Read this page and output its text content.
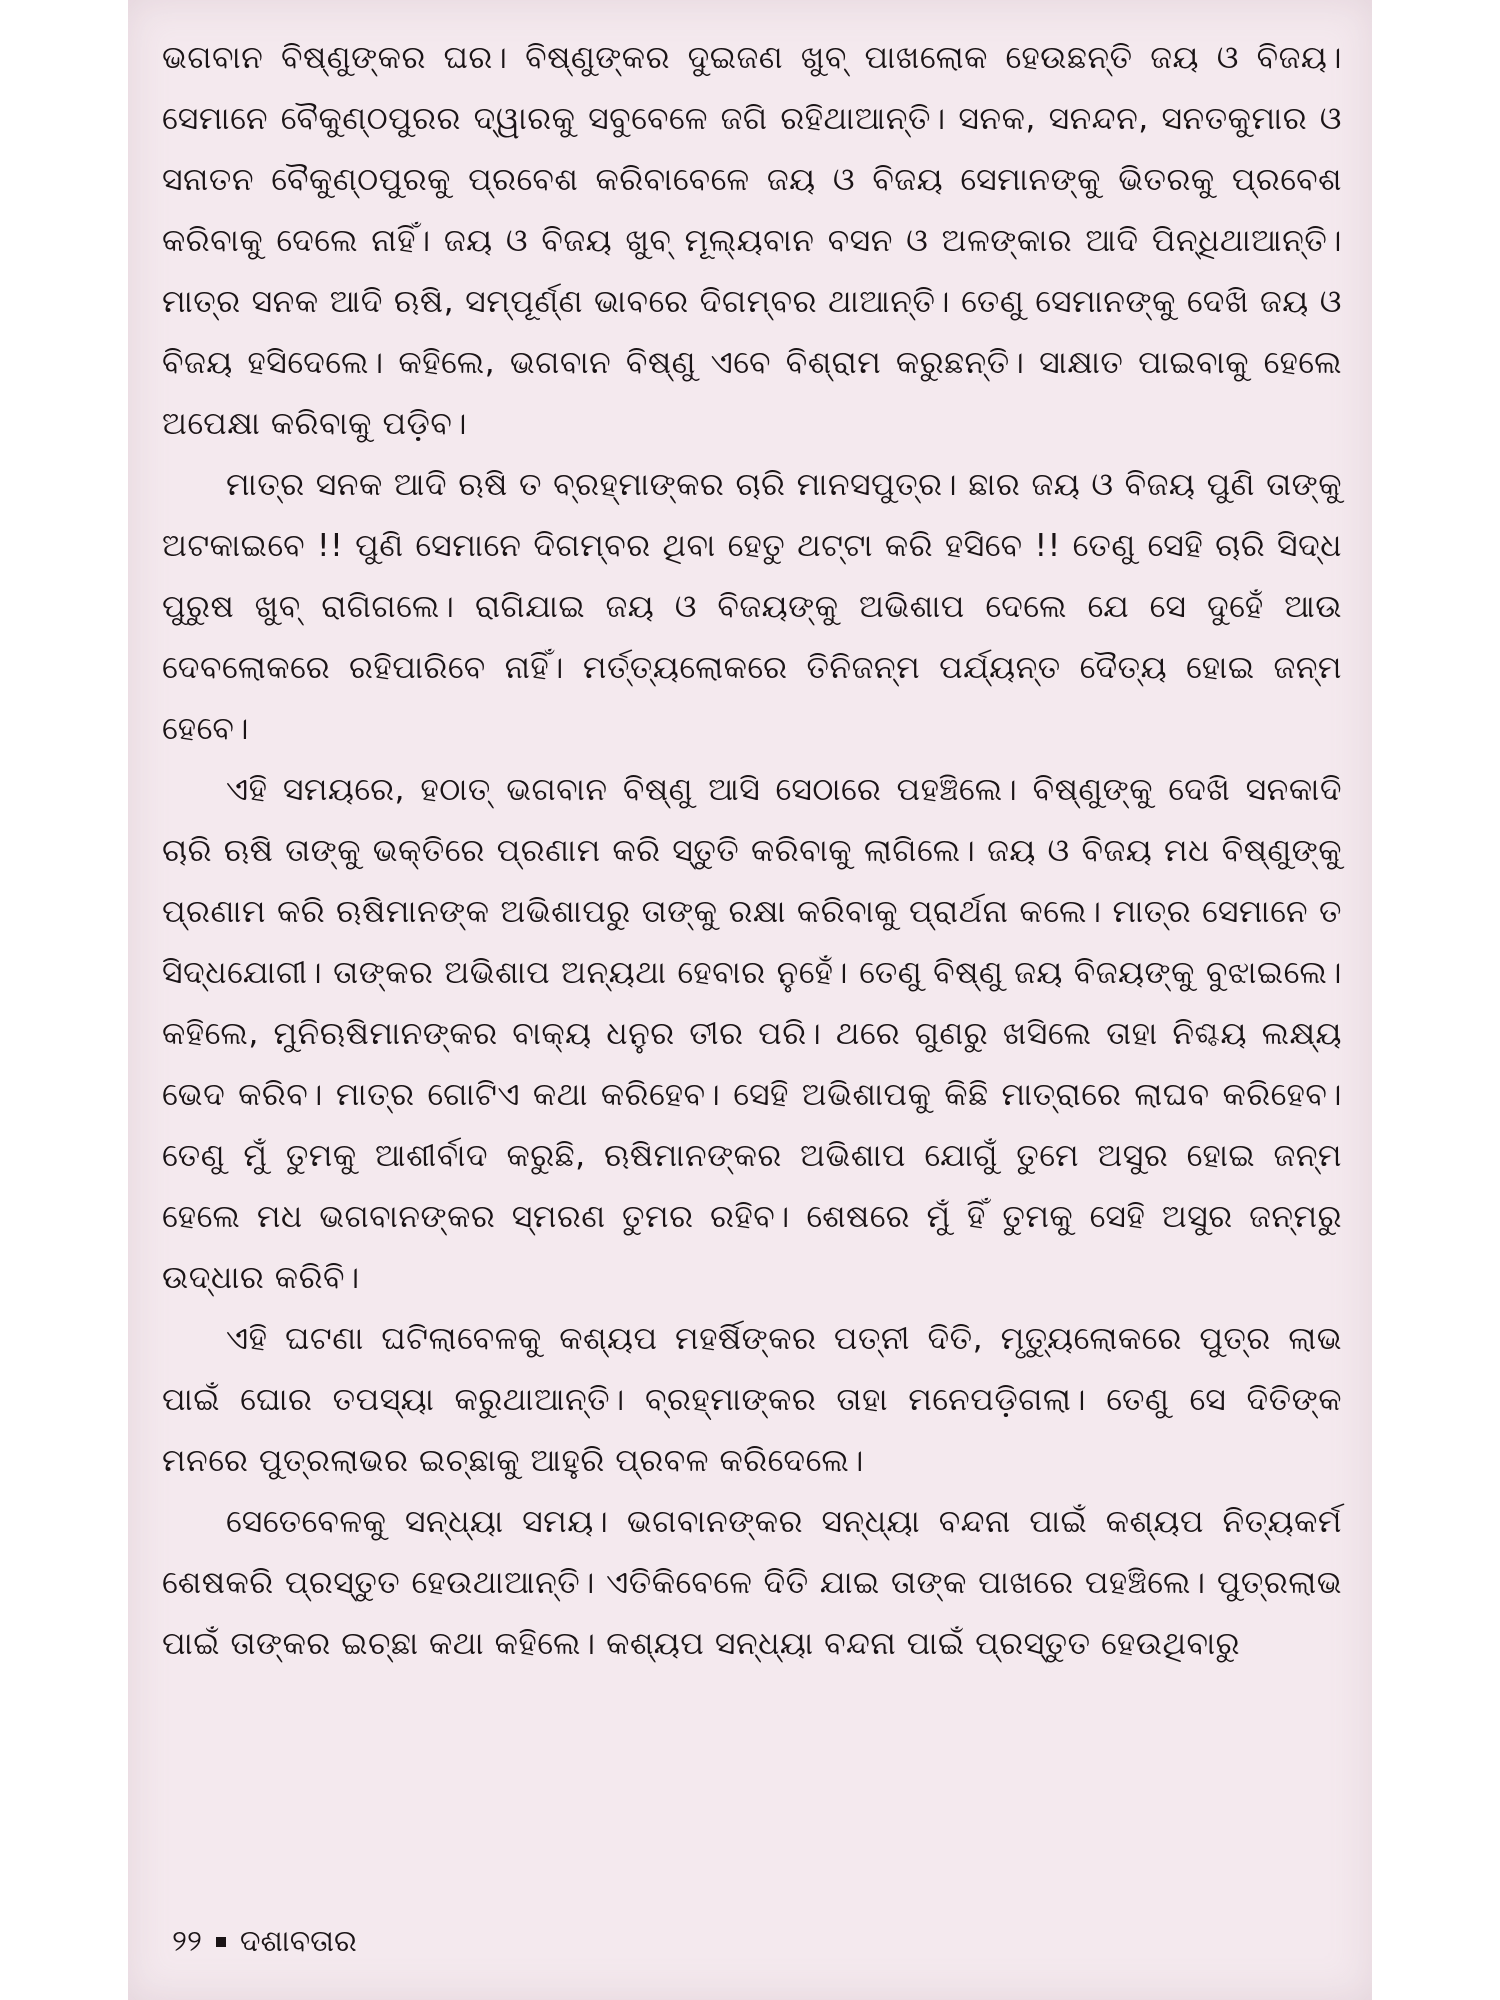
ଭଗବାନ ବିଷ୍ଣୁଙ୍କର ଘର। ବିଷ୍ଣୁଙ୍କର ଦୁଇଜଣ ଖୁବ୍ ପାଖଲୋକ ହେଉଛନ୍ତି ଜୟ ଓ ବିଜୟ। ସେମାନେ ବୈକୁଣ୍ଠପୁରର ଦ୍ୱାରକୁ ସବୁବେଳେ ଜଗି ରହିଥାଆନ୍ତି। ସନକ, ସନନ୍ଦନ, ସନତକୁମାର ଓ ସନାତନ ବୈକୁଣ୍ଠପୁରକୁ ପ୍ରବେଶ କରିବାବେଳେ ଜୟ ଓ ବିଜୟ ସେମାନଙ୍କୁ ଭିତରକୁ ପ୍ରବେଶ କରିବାକୁ ଦେଲେ ନାହିଁ। ଜୟ ଓ ବିଜୟ ଖୁବ୍ ମୂଲ୍ୟବାନ ବସନ ଓ ଅଳଙ୍କାର ଆଦି ପିନ୍ଧିଥାଆନ୍ତି। ମାତ୍ର ସନକ ଆଦି ଋଷି, ସମ୍ପୂର୍ଣ୍ଣ ଭାବରେ ଦିଗମ୍ବର ଥାଆନ୍ତି। ତେଣୁ ସେମାନଙ୍କୁ ଦେଖି ଜୟ ଓ ବିଜୟ ହସିଦେଲେ। କହିଲେ, ଭଗବାନ ବିଷ୍ଣୁ ଏବେ ବିଶ୍ରାମ କରୁଛନ୍ତି। ସାକ୍ଷାତ ପାଇବାକୁ ହେଲେ ଅପେକ୍ଷା କରିବାକୁ ପଡ଼ିବ।

ମାତ୍ର ସନକ ଆଦି ଋଷି ତ ବ୍ରହ୍ମାଙ୍କର ଚାରି ମାନସପୁତ୍ର। ଛାର ଜୟ ଓ ବିଜୟ ପୁଣି ତାଙ୍କୁ ଅଟକାଇବେ !! ପୁଣି ସେମାନେ ଦିଗମ୍ବର ଥିବା ହେତୁ ଥଟ୍ଟା କରି ହସିବେ !! ତେଣୁ ସେହି ଚାରି ସିଦ୍ଧ ପୁରୁଷ ଖୁବ୍ ରାଗିଗଲେ। ରାଗିଯାଇ ଜୟ ଓ ବିଜୟଙ୍କୁ ଅଭିଶାପ ଦେଲେ ଯେ ସେ ଦୁହେଁ ଆଉ ଦେବଲୋକରେ ରହିପାରିବେ ନାହିଁ। ମର୍ତ୍ତ୍ୟଲୋକରେ ତିନିଜନ୍ମ ପର୍ଯ୍ୟନ୍ତ ଦୈତ୍ୟ ହୋଇ ଜନ୍ମ ହେବେ।

ଏହି ସମୟରେ, ହଠାତ୍ ଭଗବାନ ବିଷ୍ଣୁ ଆସି ସେଠାରେ ପହଞ୍ଚିଲେ। ବିଷ୍ଣୁଙ୍କୁ ଦେଖି ସନକାଦି ଚାରି ଋଷି ତାଙ୍କୁ ଭକ୍ତିରେ ପ୍ରଣାମ କରି ସ୍ତୁତି କରିବାକୁ ଲାଗିଲେ। ଜୟ ଓ ବିଜୟ ମଧ ବିଷ୍ଣୁଙ୍କୁ ପ୍ରଣାମ କରି ଋଷିମାନଙ୍କ ଅଭିଶାପରୁ ତାଙ୍କୁ ରକ୍ଷା କରିବାକୁ ପ୍ରାର୍ଥନା କଲେ। ମାତ୍ର ସେମାନେ ତ ସିଦ୍ଧଯୋଗୀ। ତାଙ୍କର ଅଭିଶାପ ଅନ୍ୟଥା ହେବାର ନୁହେଁ। ତେଣୁ ବିଷ୍ଣୁ ଜୟ ବିଜୟଙ୍କୁ ବୁଝାଇଲେ। କହିଲେ, ମୁନିଋଷିମାନଙ୍କର ବାକ୍ୟ ଧନୁର ତୀର ପରି। ଥରେ ଗୁଣରୁ ଖସିଲେ ତାହା ନିଶ୍ଚୟ ଲକ୍ଷ୍ୟ ଭେଦ କରିବ। ମାତ୍ର ଗୋଟିଏ କଥା କରିହେବ। ସେହି ଅଭିଶାପକୁ କିଛି ମାତ୍ରାରେ ଲାଘବ କରିହେବ। ତେଣୁ ମୁଁ ତୁମକୁ ଆଶୀର୍ବାଦ କରୁଛି, ଋଷିମାନଙ୍କର ଅଭିଶାପ ଯୋଗୁଁ ତୁମେ ଅସୁର ହୋଇ ଜନ୍ମ ହେଲେ ମଧ ଭଗବାନଙ୍କର ସ୍ମରଣ ତୁମର ରହିବ। ଶେଷରେ ମୁଁ ହିଁ ତୁମକୁ ସେହି ଅସୁର ଜନ୍ମରୁ ଉଦ୍ଧାର କରିବି।

ଏହି ଘଟଣା ଘଟିଲାବେଳକୁ କଶ୍ୟପ ମହର୍ଷିଙ୍କର ପତ୍ନୀ ଦିତି, ମୃତ୍ୟୁଲୋକରେ ପୁତ୍ର ଲାଭ ପାଇଁ ଘୋର ତପସ୍ୟା କରୁଥାଆନ୍ତି। ବ୍ରହ୍ମାଙ୍କର ତାହା ମନେପଡ଼ିଗଲା। ତେଣୁ ସେ ଦିତିଙ୍କ ମନରେ ପୁତ୍ରଲାଭର ଇଚ୍ଛାକୁ ଆହୁରି ପ୍ରବଳ କରିଦେଲେ।

ସେତେବେଳକୁ ସନ୍ଧ୍ୟା ସମୟ। ଭଗବାନଙ୍କର ସନ୍ଧ୍ୟା ବନ୍ଦନା ପାଇଁ କଶ୍ୟପ ନିତ୍ୟକର୍ମ ଶେଷକରି ପ୍ରସ୍ତୁତ ହେଉଥାଆନ୍ତି। ଏତିକିବେଳେ ଦିତି ଯାଇ ତାଙ୍କ ପାଖରେ ପହଞ୍ଚିଲେ। ପୁତ୍ରଲାଭ ପାଇଁ ତାଙ୍କର ଇଚ୍ଛା କଥା କହିଲେ। କଶ୍ୟପ ସନ୍ଧ୍ୟା ବନ୍ଦନା ପାଇଁ ପ୍ରସ୍ତୁତ ହେଉଥିବାରୁ

୨୨ ଦଶାବତାର
